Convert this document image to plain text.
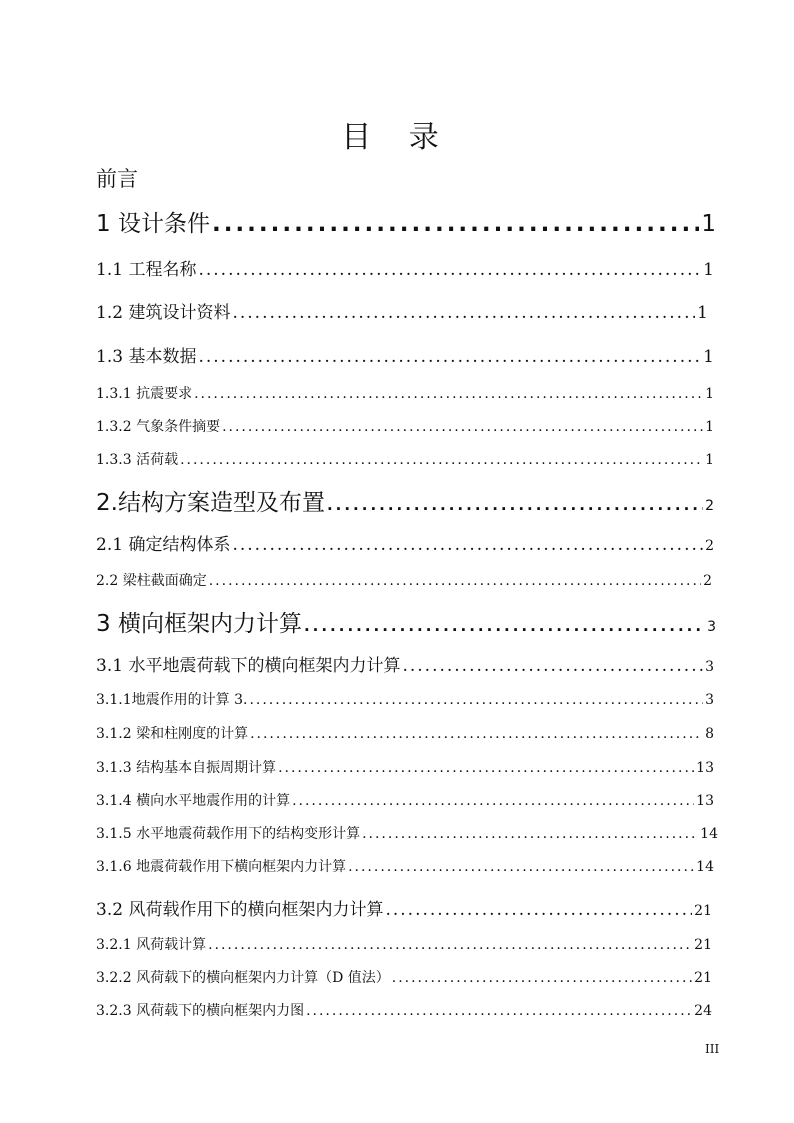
目 录
前言
1 设计条件 .....	1
1.1 工程名称 .....	1
1.2 建筑设计资料 .....	1
1.3 基本数据 .....	1
1.3.1 抗震要求 .....	1
1.3.2 气象条件摘要 .....	1
1.3.3 活荷载 .....	1
2.结构方案造型及布置 .....	2
2.1 确定结构体系 .....	2
2.2 梁柱截面确定 .....	2
3 横向框架内力计算 .....	3
3.1 水平地震荷载下的横向框架内力计算 .....	3
3.1.1地震作用的计算 3. .....	3
3.1.2 梁和柱刚度的计算 .....	8
3.1.3 结构基本自振周期计算 .....	13
3.1.4 横向水平地震作用的计算 .....	13
3.1.5 水平地震荷载作用下的结构变形计算 .....	14
3.1.6 地震荷载作用下横向框架内力计算 .....	14
3.2 风荷载作用下的横向框架内力计算 .....	21
3.2.1 风荷载计算 .....	21
3.2.2 风荷载下的横向框架内力计算（D 值法） .....	21
3.2.3 风荷载下的横向框架内力图 .....	24
III
